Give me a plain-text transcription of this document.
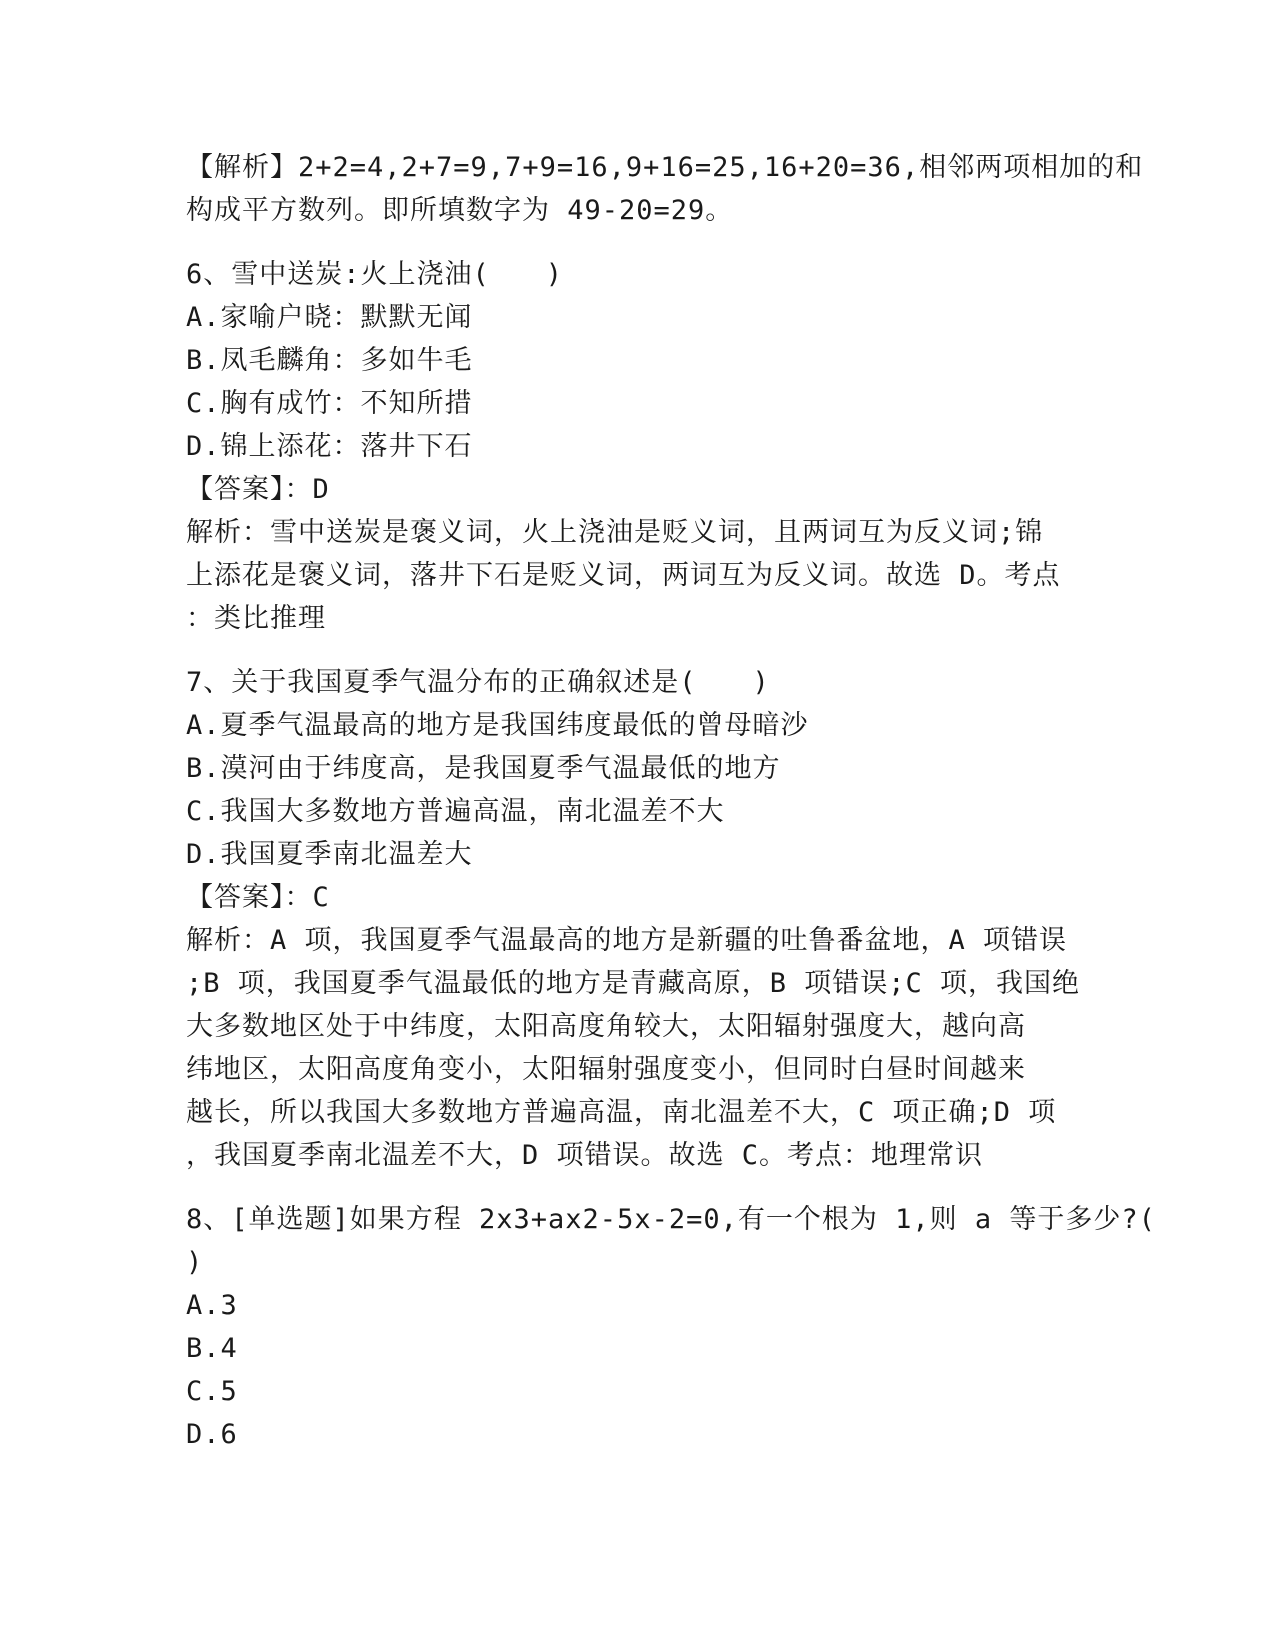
【解析】2+2=4,2+7=9,7+9=16,9+16=25,16+20=36,相邻两项相加的和
构成平方数列。即所填数字为 49-20=29。
6、雪中送炭:火上浇油(　　)
A.家喻户晓：默默无闻
B.凤毛麟角：多如牛毛
C.胸有成竹：不知所措
D.锦上添花：落井下石
【答案】：D
解析：雪中送炭是褒义词，火上浇油是贬义词，且两词互为反义词;锦
上添花是褒义词，落井下石是贬义词，两词互为反义词。故选 D。考点
：类比推理
7、关于我国夏季气温分布的正确叙述是(　　)
A.夏季气温最高的地方是我国纬度最低的曾母暗沙
B.漠河由于纬度高，是我国夏季气温最低的地方
C.我国大多数地方普遍高温，南北温差不大
D.我国夏季南北温差大
【答案】：C
解析：A 项，我国夏季气温最高的地方是新疆的吐鲁番盆地，A 项错误
;B 项，我国夏季气温最低的地方是青藏高原，B 项错误;C 项，我国绝
大多数地区处于中纬度，太阳高度角较大，太阳辐射强度大，越向高
纬地区，太阳高度角变小，太阳辐射强度变小，但同时白昼时间越来
越长，所以我国大多数地方普遍高温，南北温差不大，C 项正确;D 项
，我国夏季南北温差不大，D 项错误。故选 C。考点：地理常识
8、[单选题]如果方程 2x3+ax2-5x-2=0,有一个根为 1,则 a 等于多少?(
)
A.3
B.4
C.5
D.6
